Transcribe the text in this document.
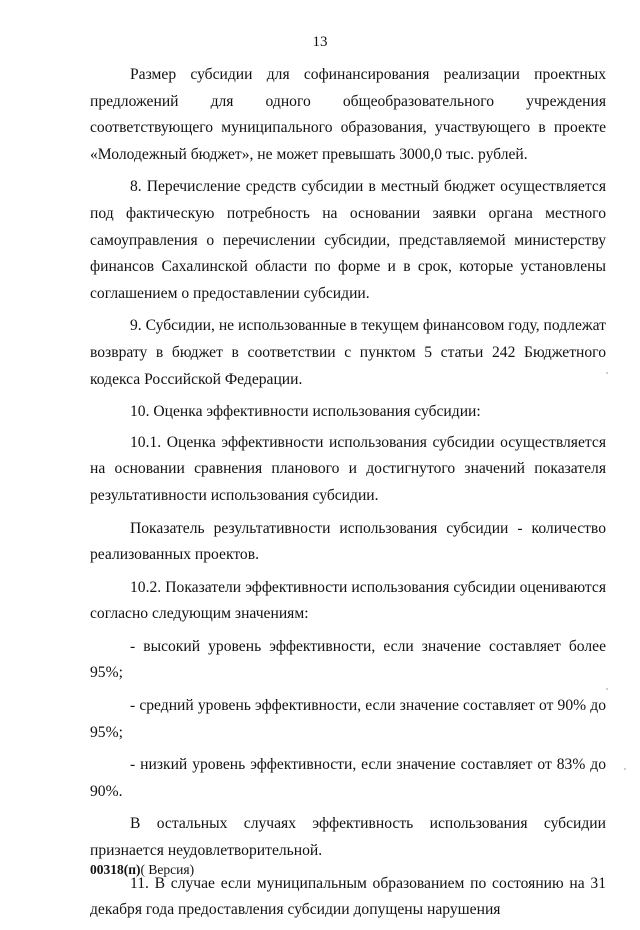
13

Размер субсидии для софинансирования реализации проектных предложений для одного общеобразовательного учреждения соответствующего муниципального образования, участвующего в проекте «Молодежный бюджет», не может превышать 3000,0 тыс. рублей.

8. Перечисление средств субсидии в местный бюджет осуществляется под фактическую потребность на основании заявки органа местного самоуправления о перечислении субсидии, представляемой министерству финансов Сахалинской области по форме и в срок, которые установлены соглашением о предоставлении субсидии.

9. Субсидии, не использованные в текущем финансовом году, подлежат возврату в бюджет в соответствии с пунктом 5 статьи 242 Бюджетного кодекса Российской Федерации.

10. Оценка эффективности использования субсидии:

10.1. Оценка эффективности использования субсидии осуществляется на основании сравнения планового и достигнутого значений показателя результативности использования субсидии.

Показатель результативности использования субсидии - количество реализованных проектов.

10.2. Показатели эффективности использования субсидии оцениваются согласно следующим значениям:

- высокий уровень эффективности, если значение составляет более 95%;

- средний уровень эффективности, если значение составляет от 90% до 95%;

- низкий уровень эффективности, если значение составляет от 83% до 90%.

В остальных случаях эффективность использования субсидии признается неудовлетворительной.

11. В случае если муниципальным образованием по состоянию на 31 декабря года предоставления субсидии допущены нарушения

00318(п)( Версия)
